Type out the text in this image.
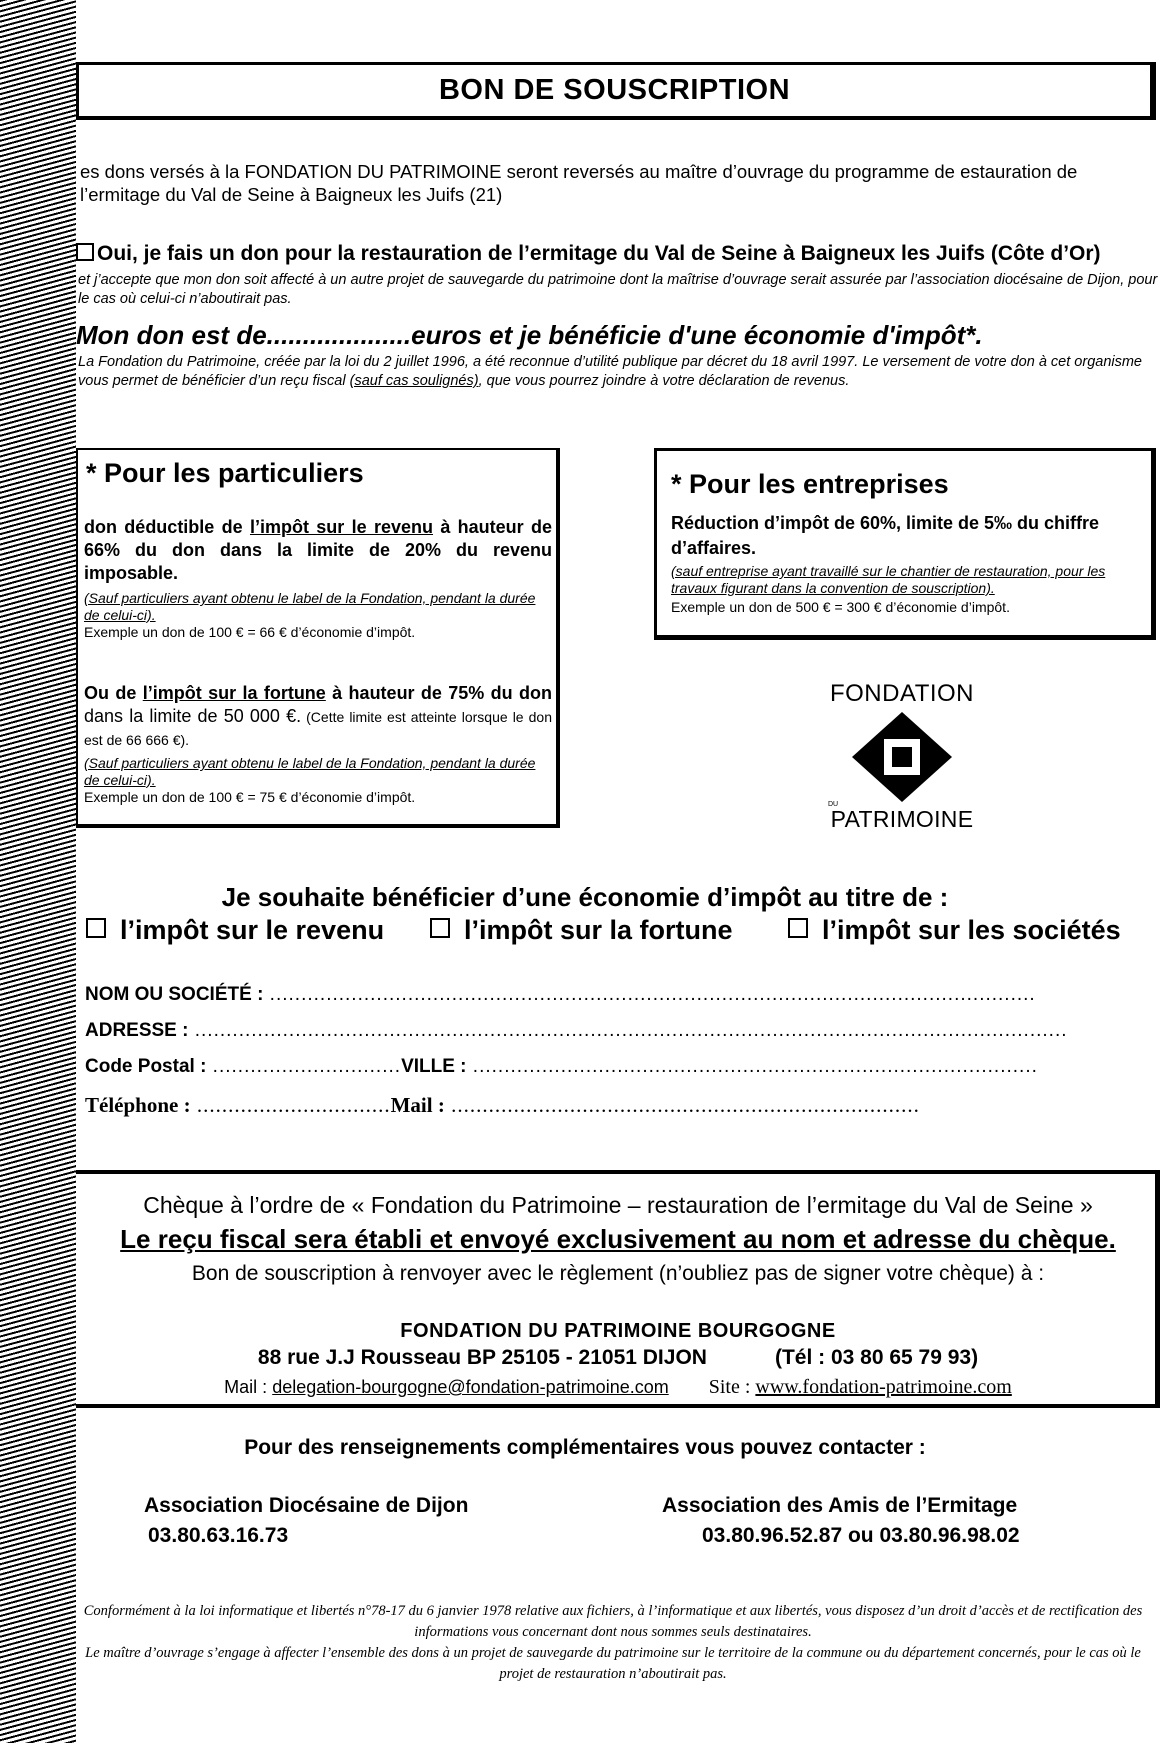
BON DE SOUSCRIPTION
es dons versés à la FONDATION DU PATRIMOINE seront reversés au maître d’ouvrage du programme de estauration de l’ermitage du Val de Seine à Baigneux les Juifs (21)
Oui, je fais un don pour la restauration de l’ermitage du Val de Seine à Baigneux les Juifs (Côte d’Or)
et j’accepte que mon don soit affecté à un autre projet de sauvegarde du patrimoine dont la maîtrise d’ouvrage serait assurée par l’association diocésaine de Dijon, pour le cas où celui-ci n’aboutirait pas.
Mon don est de....................euros et je bénéficie d'une économie d'impôt*.
La Fondation du Patrimoine, créée par la loi du 2 juillet 1996, a été reconnue d’utilité publique par décret du 18 avril 1997. Le versement de votre don à cet organisme vous permet de bénéficier d’un reçu fiscal (sauf cas soulignés), que vous pourrez joindre à votre déclaration de revenus.
* Pour les particuliers
don déductible de l’impôt sur le revenu à hauteur de 66% du don dans la limite de 20% du revenu imposable.
(Sauf particuliers ayant obtenu le label de la Fondation, pendant la durée de celui-ci).
Exemple un don de 100 € = 66 € d’économie d’impôt.
Ou de l’impôt sur la fortune à hauteur de 75% du don dans la limite de 50 000 €. (Cette limite est atteinte lorsque le don est de 66 666 €).
(Sauf particuliers ayant obtenu le label de la Fondation, pendant la durée de celui-ci).
Exemple un don de 100 € = 75 € d’économie d’impôt.
* Pour les entreprises
Réduction d’impôt de 60%, limite de 5‰ du chiffre d’affaires.
(sauf entreprise ayant travaillé sur le chantier de restauration, pour les travaux figurant dans la convention de souscription).
Exemple un don de 500 € = 300 € d’économie d’impôt.
FONDATION
DU
PATRIMOINE
Je souhaite bénéficier d’une économie d’impôt au titre de :
l’impôt sur le revenu	l’impôt sur la fortune	l’impôt sur les sociétés
NOM OU SOCIÉTÉ : ..........................................................................................................................
ADRESSE : ...........................................................................................................................................
Code Postal : ..............................VILLE : ..........................................................................................
Téléphone : ...............................Mail : ...........................................................................
Chèque à l’ordre de « Fondation du Patrimoine – restauration de l’ermitage du Val de Seine »
Le reçu fiscal sera établi et envoyé exclusivement au nom et adresse du chèque.
Bon de souscription à renvoyer avec le règlement (n’oubliez pas de signer votre chèque) à :
FONDATION DU PATRIMOINE BOURGOGNE
88 rue J.J Rousseau BP 25105 - 21051 DIJON	(Tél : 03 80 65 79 93)
Mail : delegation-bourgogne@fondation-patrimoine.com Site : www.fondation-patrimoine.com
Pour des renseignements complémentaires vous pouvez contacter :
Association Diocésaine de Dijon
03.80.63.16.73
Association des Amis de l’Ermitage
03.80.96.52.87 ou 03.80.96.98.02
Conformément à la loi informatique et libertés n°78-17 du 6 janvier 1978 relative aux fichiers, à l’informatique et aux libertés, vous disposez d’un droit d’accès et de rectification des informations vous concernant dont nous sommes seuls destinataires.
Le maître d’ouvrage s’engage à affecter l’ensemble des dons à un projet de sauvegarde du patrimoine sur le territoire de la commune ou du département concernés, pour le cas où le projet de restauration n’aboutirait pas.
